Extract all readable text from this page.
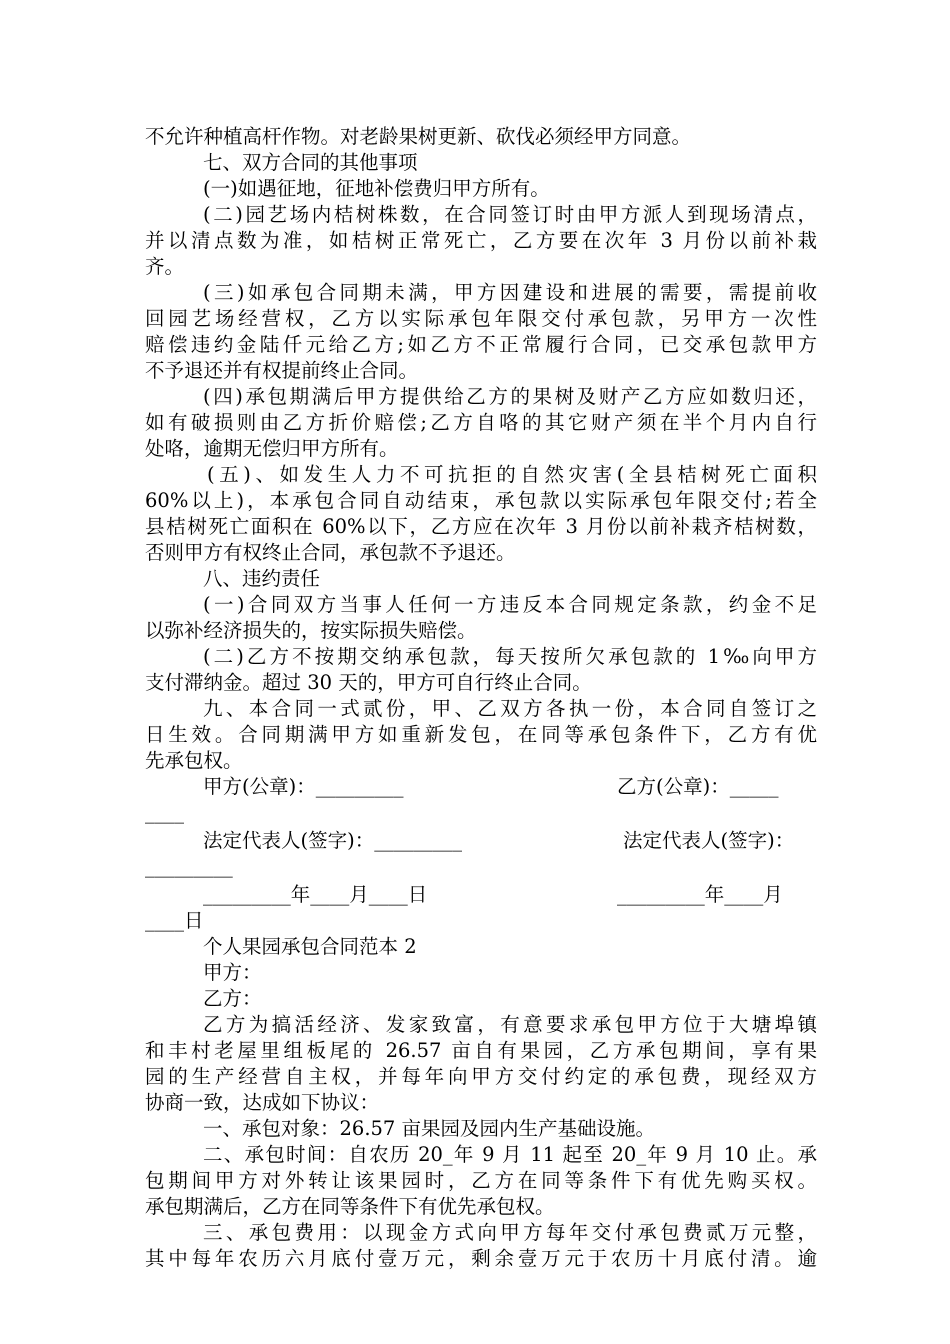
不允许种植高杆作物。对老龄果树更新、砍伐必须经甲方同意。
七、双方合同的其他事项
(一)如遇征地，征地补偿费归甲方所有。
(二)园艺场内桔树株数，在合同签订时由甲方派人到现场清点，
并以清点数为准，如桔树正常死亡，乙方要在次年 3 月份以前补栽
齐。
(三)如承包合同期未满，甲方因建设和进展的需要，需提前收
回园艺场经营权，乙方以实际承包年限交付承包款，另甲方一次性
赔偿违约金陆仟元给乙方;如乙方不正常履行合同，已交承包款甲方
不予退还并有权提前终止合同。
(四)承包期满后甲方提供给乙方的果树及财产乙方应如数归还，
如有破损则由乙方折价赔偿;乙方自咯的其它财产须在半个月内自行
处咯，逾期无偿归甲方所有。
(五)、如发生人力不可抗拒的自然灾害(全县桔树死亡面积
60%以上)，本承包合同自动结束，承包款以实际承包年限交付;若全
县桔树死亡面积在 60%以下，乙方应在次年 3 月份以前补栽齐桔树数，
否则甲方有权终止合同，承包款不予退还。
八、违约责任
(一)合同双方当事人任何一方违反本合同规定条款，约金不足
以弥补经济损失的，按实际损失赔偿。
(二)乙方不按期交纳承包款，每天按所欠承包款的 1‰向甲方
支付滞纳金。超过 30 天的，甲方可自行终止合同。
九、本合同一式贰份，甲、乙双方各执一份，本合同自签订之
日生效。合同期满甲方如重新发包，在同等承包条件下，乙方有优
先承包权。
甲方(公章)：_________	乙方(公章)：_____
____
法定代表人(签字)：_________	法定代表人(签字)：
_________
_________年____月____日	_________年____月
____日
个人果园承包合同范本 2
甲方：
乙方：
乙方为搞活经济、发家致富，有意要求承包甲方位于大塘埠镇
和丰村老屋里组板尾的 26.57 亩自有果园，乙方承包期间，享有果
园的生产经营自主权，并每年向甲方交付约定的承包费，现经双方
协商一致，达成如下协议：
一、承包对象：26.57 亩果园及园内生产基础设施。
二、承包时间：自农历 20_年 9 月 11 起至 20_年 9 月 10 止。承
包期间甲方对外转让该果园时，乙方在同等条件下有优先购买权。
承包期满后，乙方在同等条件下有优先承包权。
三、承包费用：以现金方式向甲方每年交付承包费贰万元整，
其中每年农历六月底付壹万元，剩余壹万元于农历十月底付清。逾
